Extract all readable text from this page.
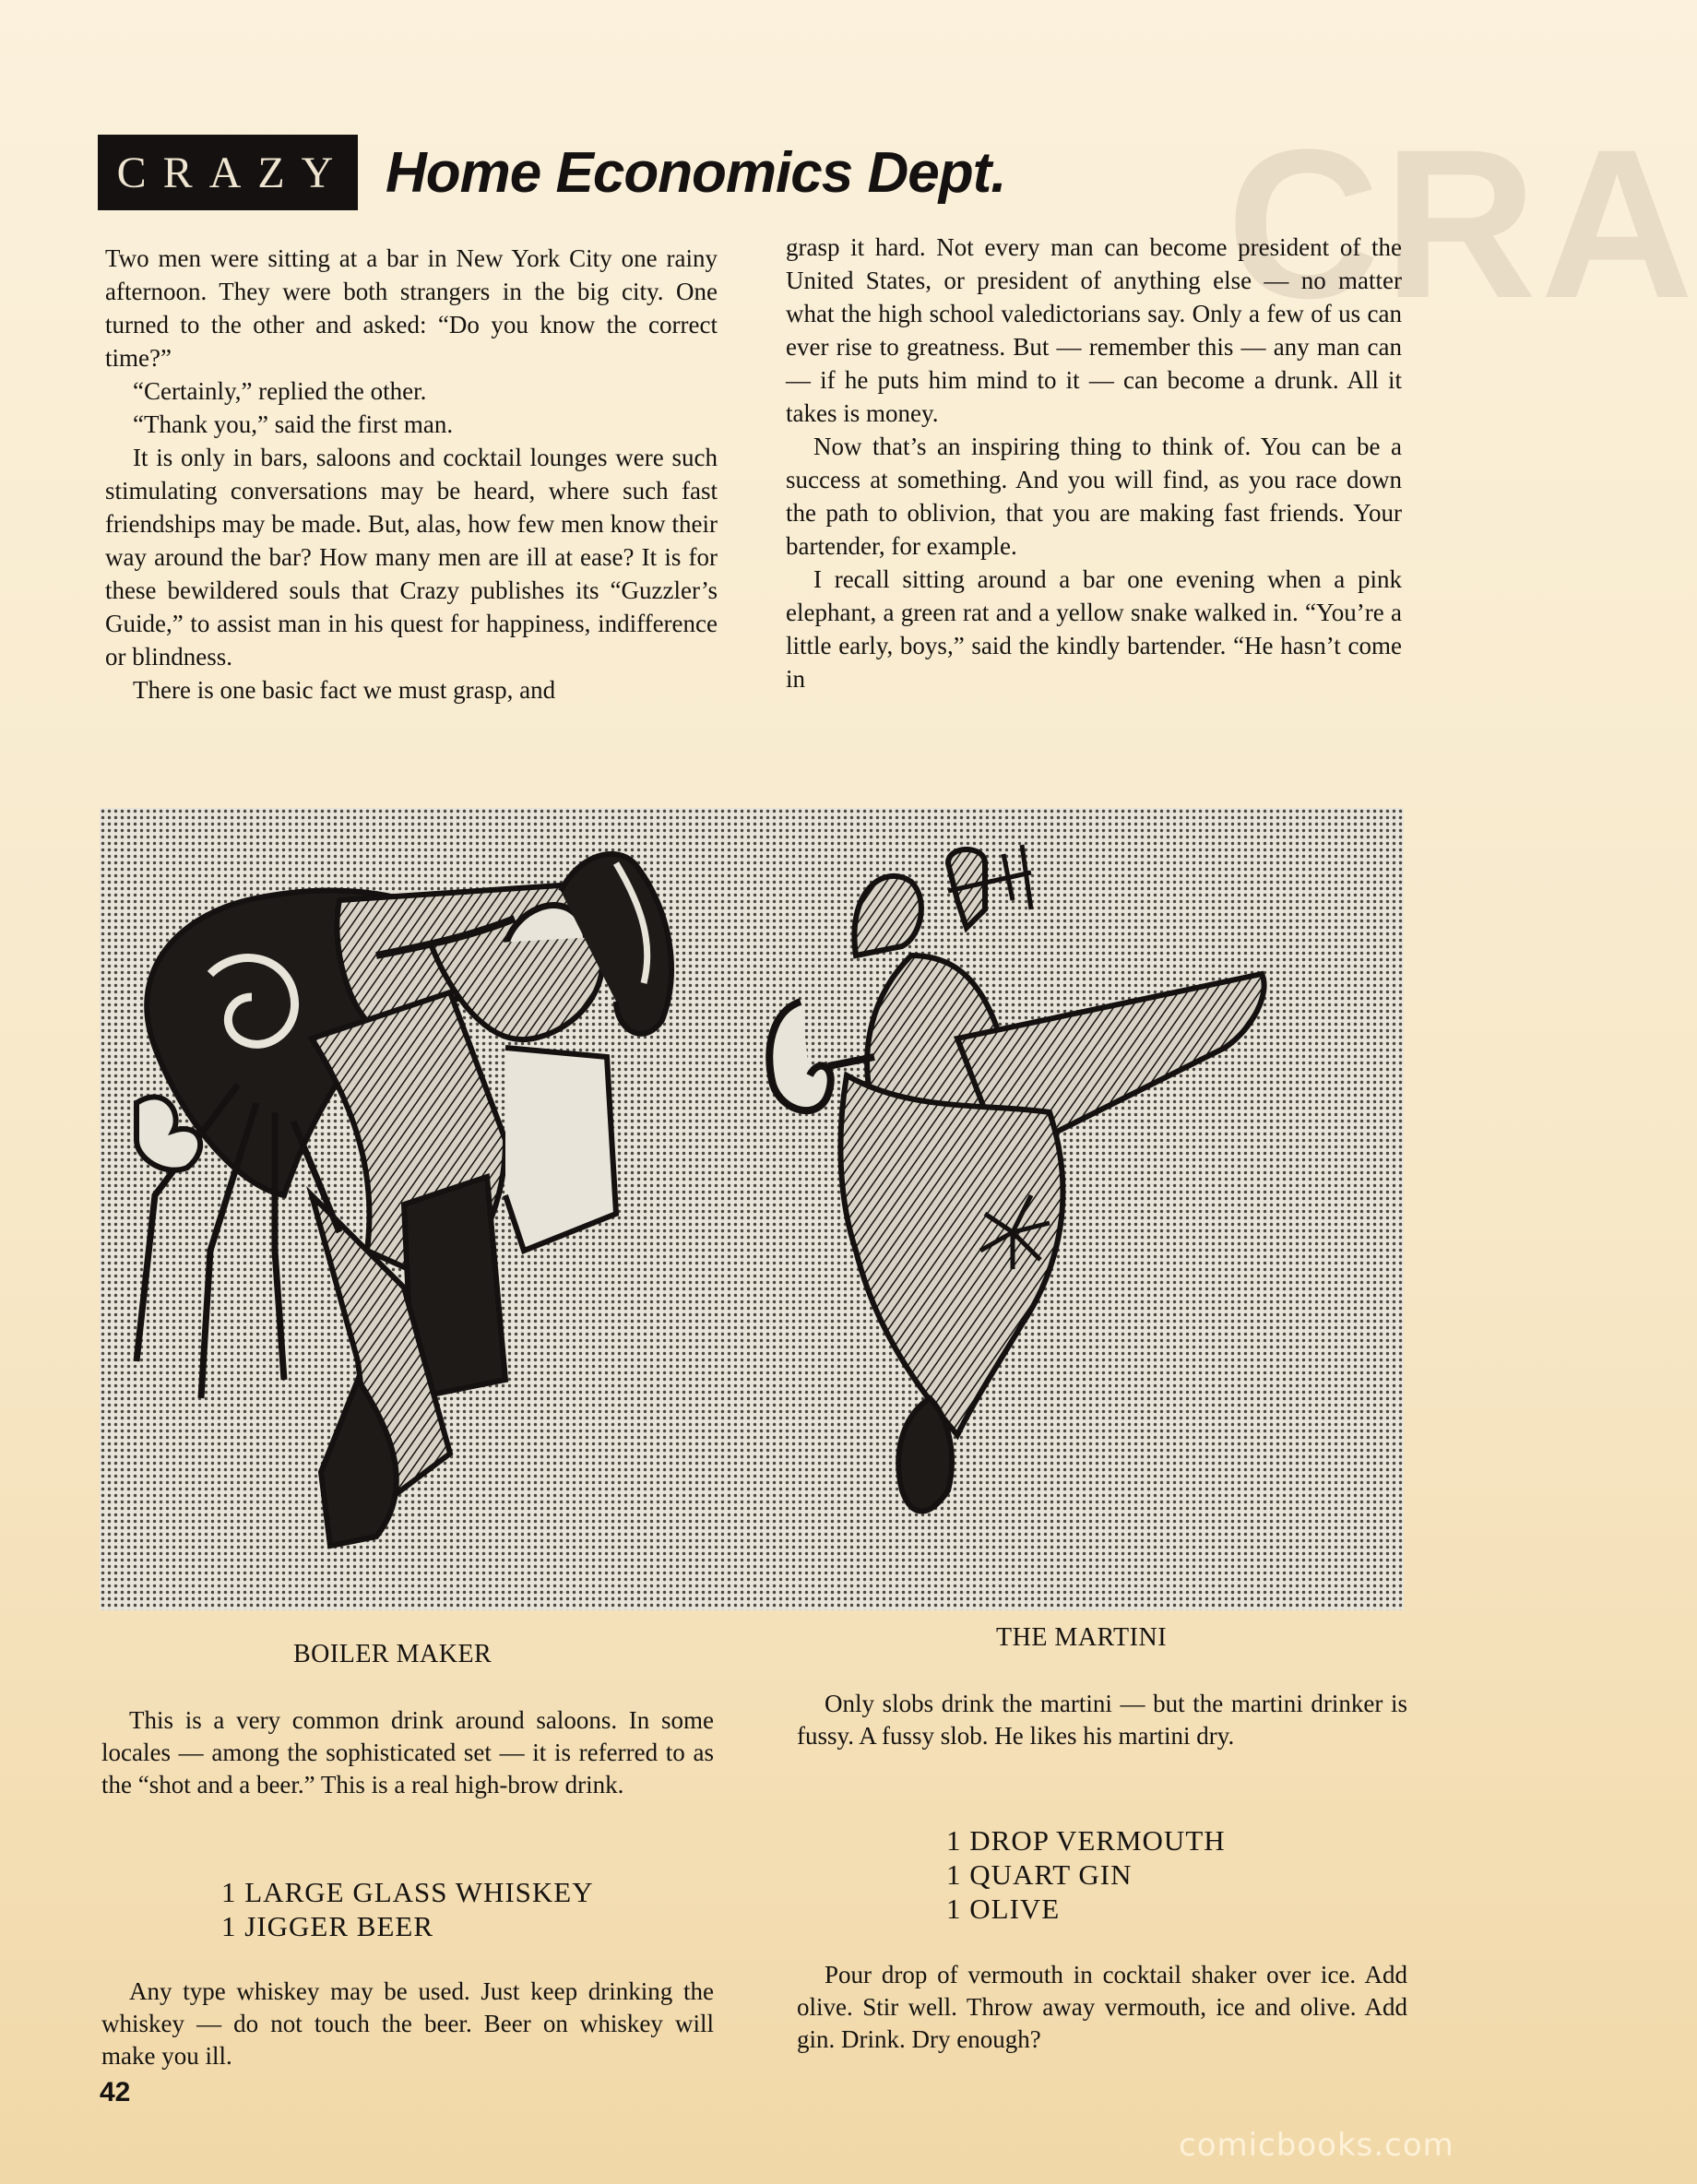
CRA
CRAZY Home Economics Dept.

Two men were sitting at a bar in New York City one rainy afternoon. They were both strangers in the big city. One turned to the other and asked: “Do you know the correct time?”

“Certainly,” replied the other.

“Thank you,” said the first man.

It is only in bars, saloons and cocktail lounges were such stimulating conversations may be heard, where such fast friendships may be made. But, alas, how few men know their way around the bar? How many men are ill at ease? It is for these bewildered souls that Crazy publishes its “Guzzler’s Guide,” to assist man in his quest for happiness, indifference or blindness.

There is one basic fact we must grasp, and

grasp it hard. Not every man can become president of the United States, or president of anything else — no matter what the high school valedictorians say. Only a few of us can ever rise to greatness. But — remember this — any man can — if he puts him mind to it — can become a drunk. All it takes is money.

Now that’s an inspiring thing to think of. You can be a success at something. And you will find, as you race down the path to oblivion, that you are making fast friends. Your bartender, for example.

I recall sitting around a bar one evening when a pink elephant, a green rat and a yellow snake walked in. “You’re a little early, boys,” said the kindly bartender. “He hasn’t come in

BOILER MAKER
THE MARTINI

This is a very common drink around saloons. In some locales — among the sophisticated set — it is referred to as the “shot and a beer.” This is a real high-brow drink.

Only slobs drink the martini — but the martini drinker is fussy. A fussy slob. He likes his martini dry.

1 LARGE GLASS WHISKEY
1 JIGGER BEER
1 DROP VERMOUTH
1 QUART GIN
1 OLIVE

Any type whiskey may be used. Just keep drinking the whiskey — do not touch the beer. Beer on whiskey will make you ill.

Pour drop of vermouth in cocktail shaker over ice. Add olive. Stir well. Throw away vermouth, ice and olive. Add gin. Drink. Dry enough?

42
comicbooks.com
